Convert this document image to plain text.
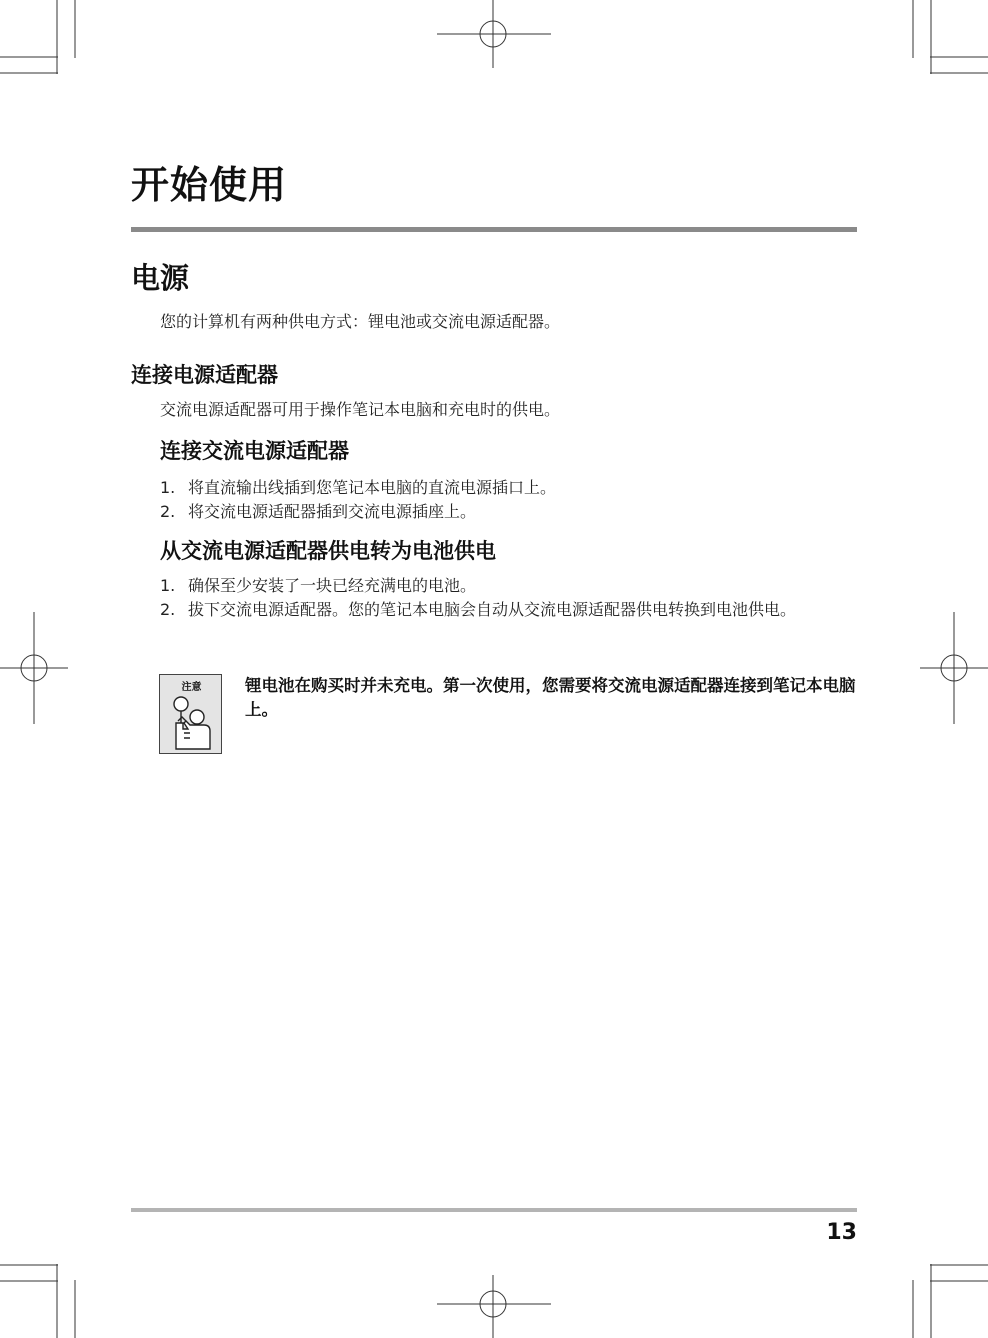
开始使用
电源
您的计算机有两种供电方式：锂电池或交流电源适配器。
连接电源适配器
交流电源适配器可用于操作笔记本电脑和充电时的供电。
连接交流电源适配器
1. 将直流输出线插到您笔记本电脑的直流电源插口上。
2. 将交流电源适配器插到交流电源插座上。
从交流电源适配器供电转为电池供电
1. 确保至少安装了一块已经充满电的电池。
2. 拔下交流电源适配器。您的笔记本电脑会自动从交流电源适配器供电转换到电池供电。
注意	锂电池在购买时并未充电。第一次使用，您需要将交流电源适配器连接到笔记本电脑上。
13
